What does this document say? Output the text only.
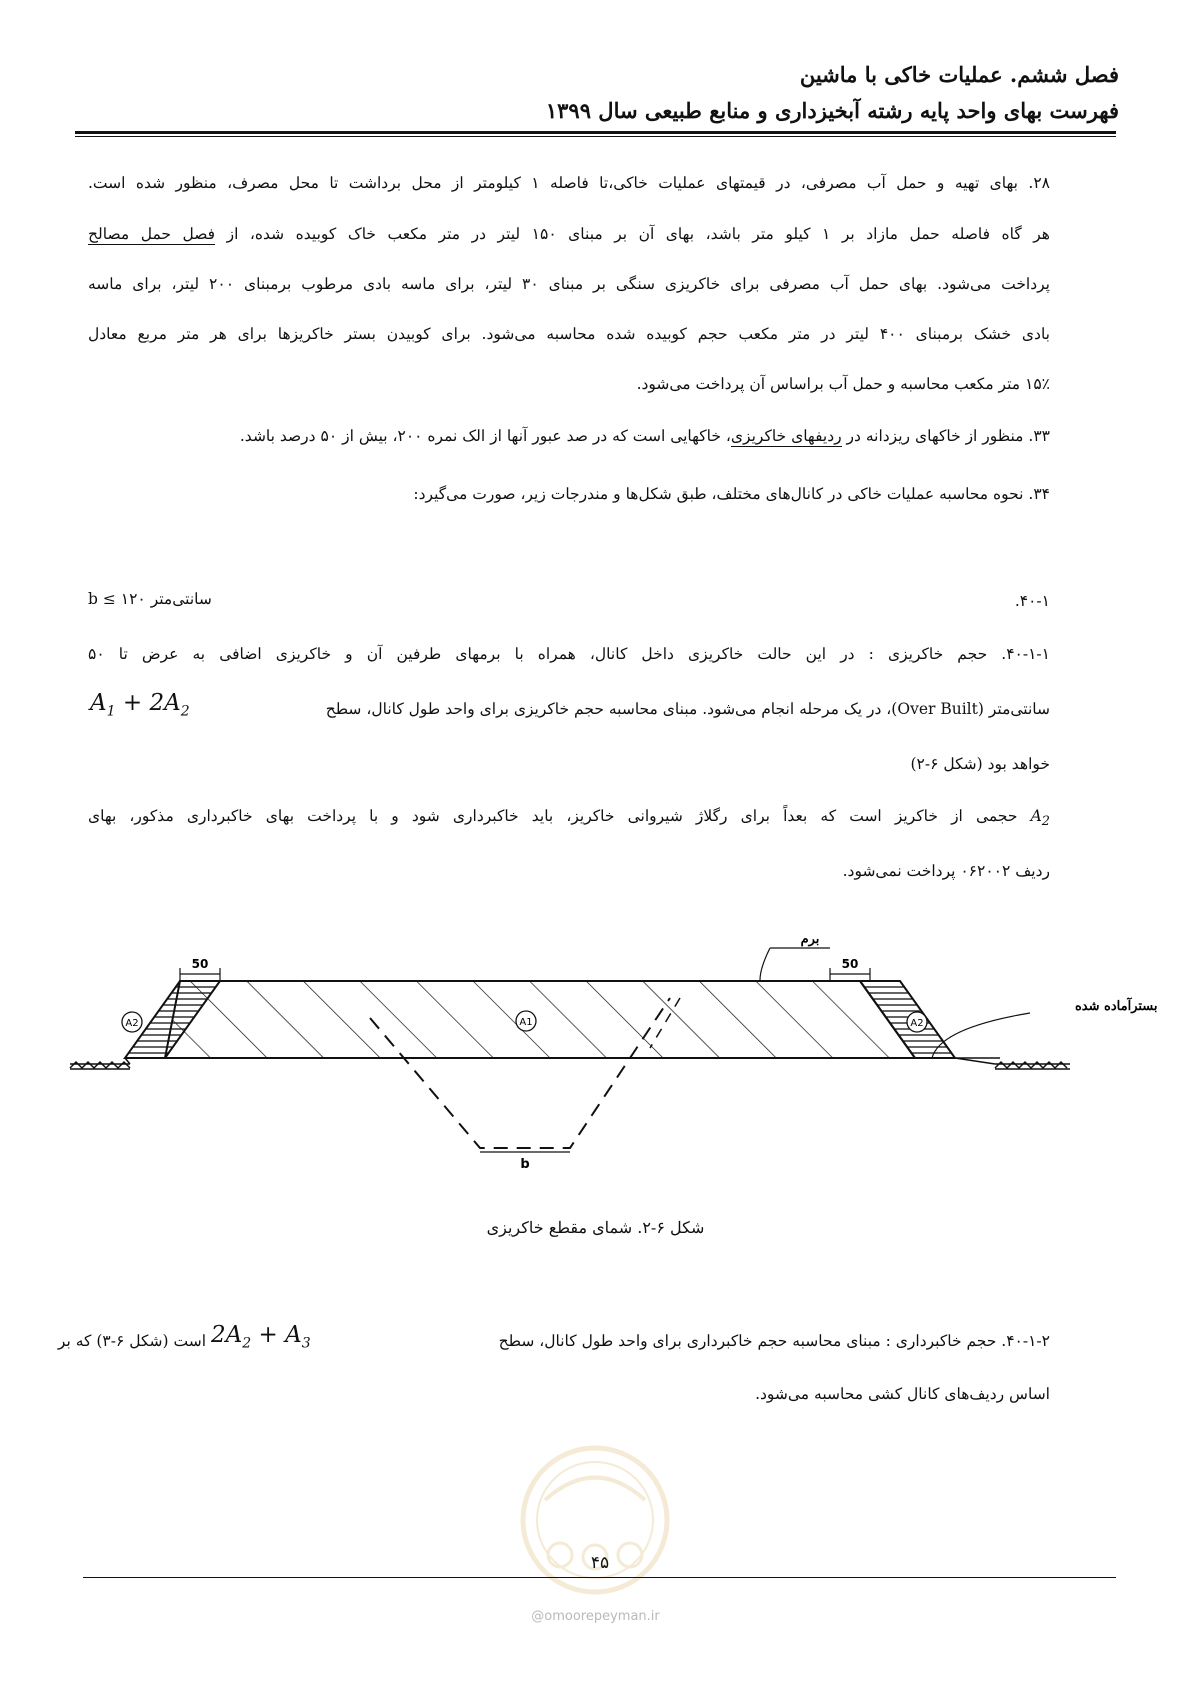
فصل ششم. عملیات خاکی با ماشین
فهرست بهای واحد پایه رشته آبخیزداری و منابع طبیعی سال ۱۳۹۹
۲۸. بهای تهیه و حمل آب مصرفی، در قیمتهای عملیات خاکی،تا فاصله ۱ کیلومتر از محل برداشت تا محل مصرف، منظور شده است.
هر گاه فاصله حمل مازاد بر ۱ کیلو متر باشد، بهای آن بر مبنای ۱۵۰ لیتر در متر مکعب خاک کوبیده شده، از فصل حمل مصالح
پرداخت می‌شود. بهای حمل آب مصرفی برای خاکریزی سنگی بر مبنای ۳۰ لیتر، برای ماسه بادی مرطوب برمبنای ۲۰۰ لیتر، برای ماسه
بادی خشک برمبنای ۴۰۰ لیتر در متر مکعب حجم کوبیده شده محاسبه می‌شود. برای کوبیدن بستر خاکریزها برای هر متر مربع معادل
۱۵٪ متر مکعب محاسبه و حمل آب براساس آن پرداخت می‌شود.
۳۳. منظور از خاکهای ریزدانه در ردیفهای خاکریزی، خاکهایی است که در صد عبور آنها از الک نمره ۲۰۰، بیش از ۵۰ درصد باشد.
۳۴. نحوه محاسبه عملیات خاکی در کانال‌های مختلف، طبق شکل‌ها و مندرجات زیر، صورت می‌گیرد:
۴۰-۱.
سانتی‌متر ۱۲۰ ≥ b
۴۰-۱-۱. حجم خاکریزی : در این حالت خاکریزی داخل کانال، همراه با برمهای طرفین آن و خاکریزی اضافی به عرض تا ۵۰
سانتی‌متر (Over Built)، در یک مرحله انجام می‌شود. مبنای محاسبه حجم خاکریزی برای واحد طول کانال، سطح
$A_1 + 2A_2$
خواهد بود (شکل ۶-۲)
$A_2$ حجمی از خاکریز است که بعداً برای رگلاژ شیروانی خاکریز، باید خاکبرداری شود و با پرداخت بهای خاکبرداری مذکور، بهای
ردیف ۰۶۲۰۰۲ پرداخت نمی‌شود.
50	50
برم
بسترآماده شده
A2	A1	A2
b
شکل ۶-۲. شمای مقطع خاکریزی
۴۰-۱-۲. حجم خاکبرداری : مبنای محاسبه حجم خاکبرداری برای واحد طول کانال، سطح
$2A_2 + A_3$
است (شکل ۶-۳) که بر
اساس ردیف‌های کانال کشی محاسبه می‌شود.
۴۵
@omoorepeyman.ir
